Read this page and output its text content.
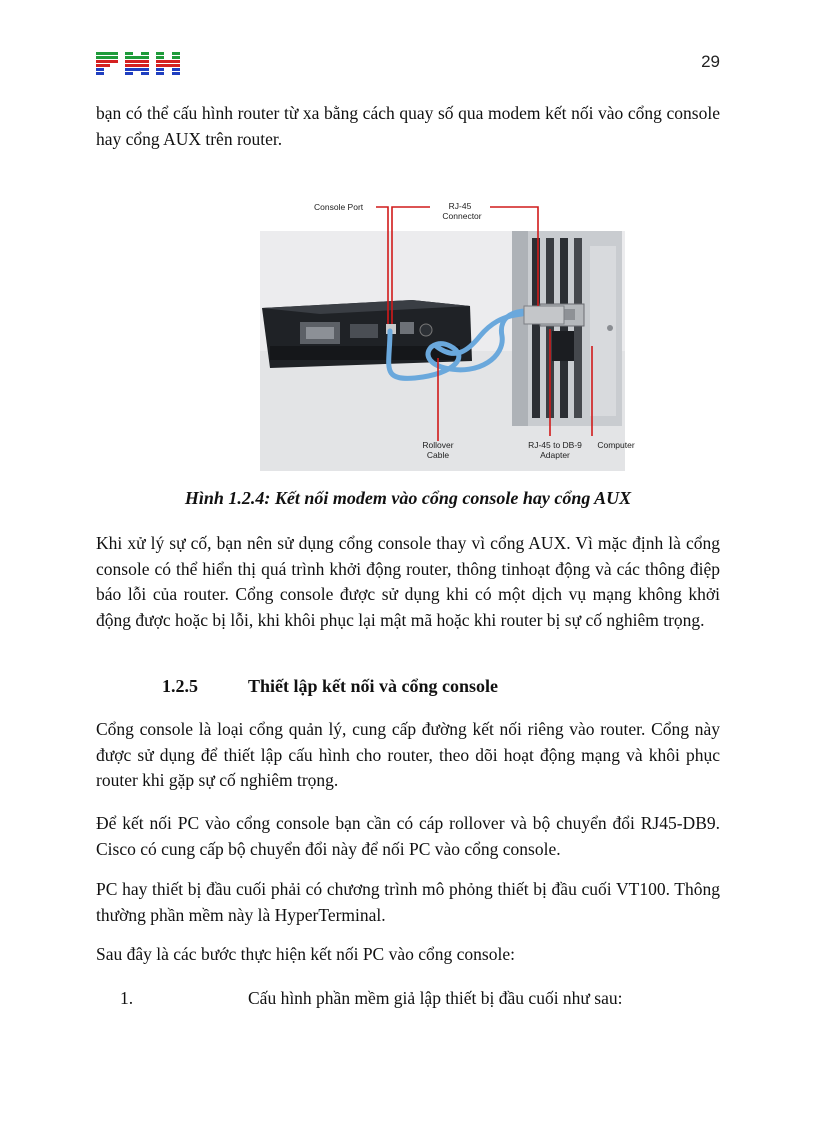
29

bạn có thể cấu hình router từ xa bằng cách quay số qua modem kết nối vào cổng console hay cổng AUX trên router.

Console Port	RJ-45
Connector
Rollover
Cable
RJ-45 to DB-9
Adapter
Computer
Hình 1.2.4: Kết nối modem vào cổng console hay cổng AUX

Khi xử lý sự cố, bạn nên sử dụng cổng console thay vì cổng AUX. Vì mặc định là cổng console có thể hiển thị quá trình khởi động router, thông tinhoạt động và các thông điệp báo lỗi của router. Cổng console được sử dụng khi có một dịch vụ mạng không khởi động được hoặc bị lỗi, khi khôi phục lại mật mã hoặc khi router bị sự cố nghiêm trọng.

1.2.5	Thiết lập kết nối và cổng console

Cổng console là loại cổng quản lý, cung cấp đường kết nối riêng vào router. Cổng này được sử dụng để thiết lập cấu hình cho router, theo dõi hoạt động mạng và khôi phục router khi gặp sự cố nghiêm trọng.

Để kết nối PC vào cổng console bạn cần có cáp rollover và bộ chuyển đổi RJ45-DB9. Cisco có cung cấp bộ chuyển đổi này để nối PC vào cổng console.

PC hay thiết bị đầu cuối phải có chương trình mô phỏng thiết bị đầu cuối VT100. Thông thường phần mềm này là HyperTerminal.

Sau đây là các bước thực hiện kết nối PC vào cổng console:

1.	Cấu hình phần mềm giả lập thiết bị đầu cuối như sau:
